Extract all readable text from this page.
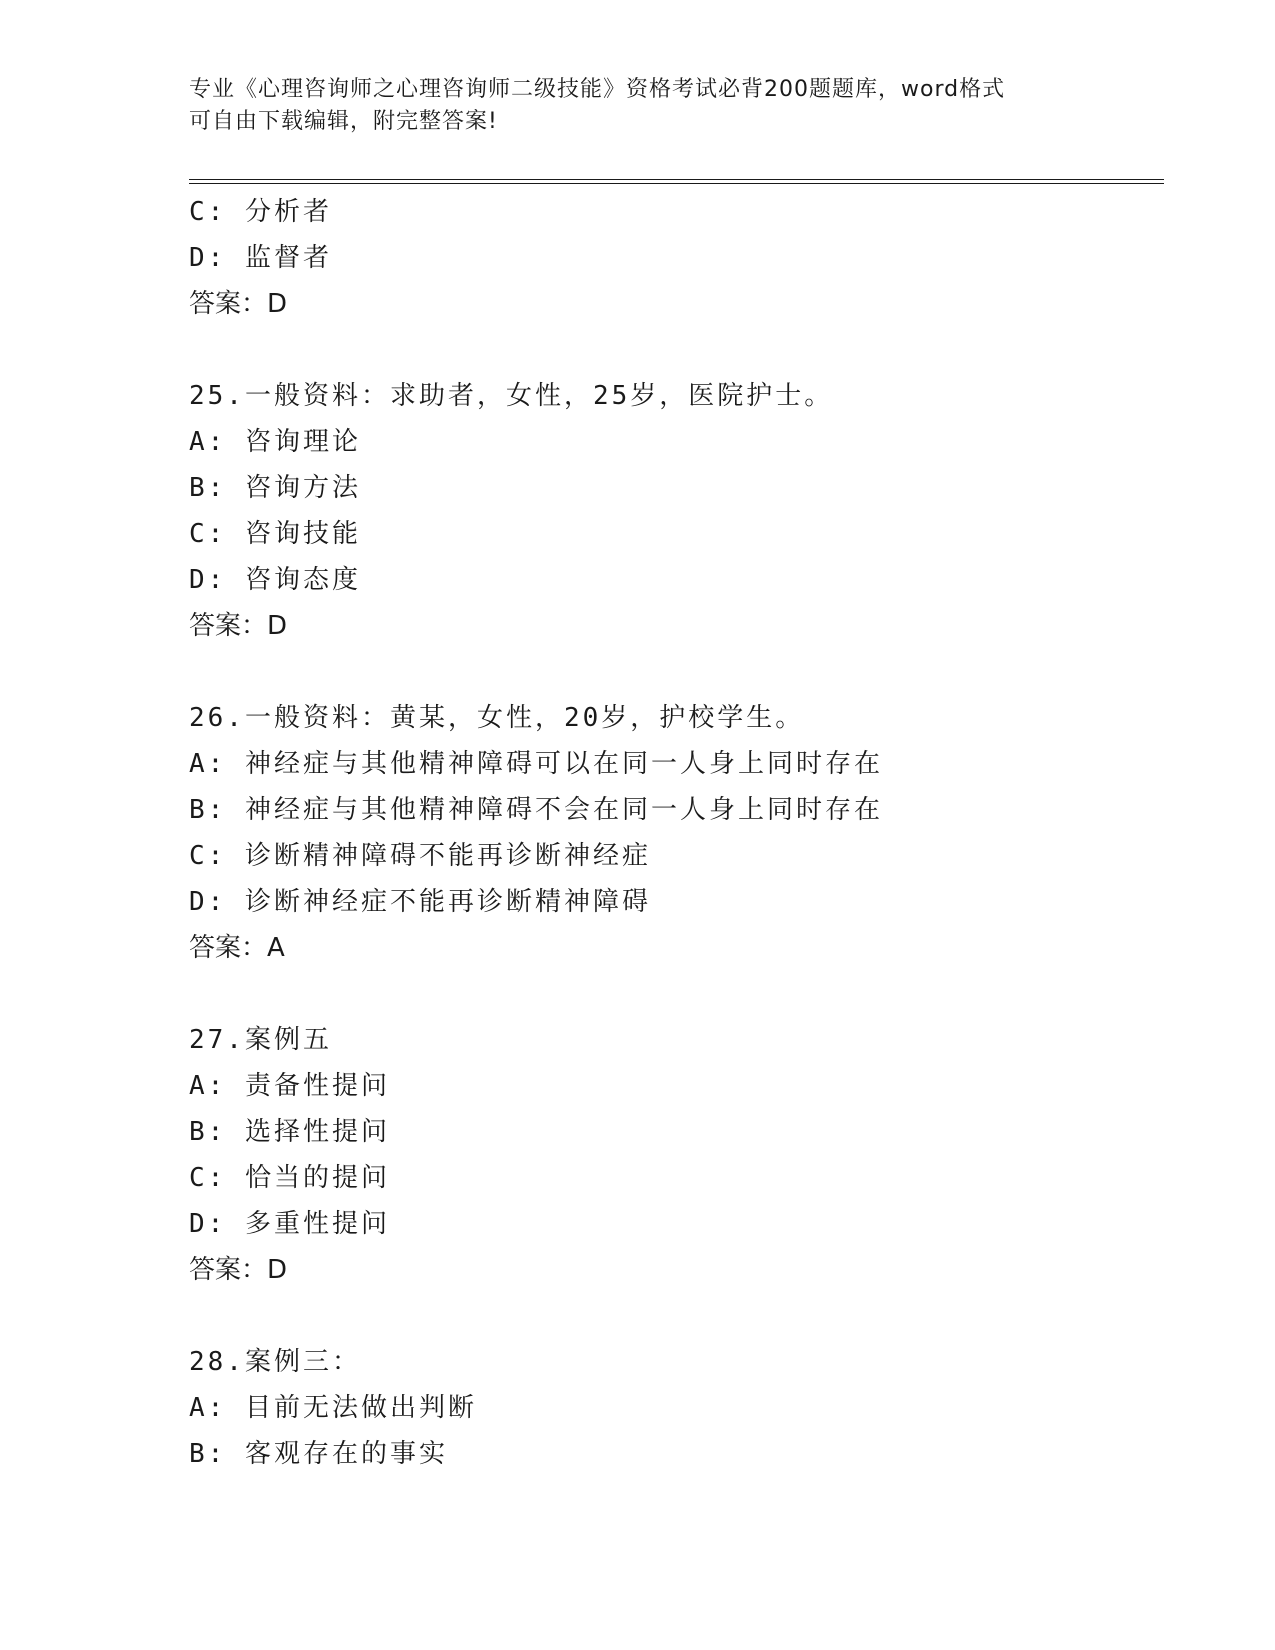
专业《心理咨询师之心理咨询师二级技能》资格考试必背200题题库，word格式
可自由下载编辑，附完整答案!
C: 分析者
D: 监督者
答案：D
25.一般资料：求助者，女性，25岁，医院护士。
A: 咨询理论
B: 咨询方法
C: 咨询技能
D: 咨询态度
答案：D
26.一般资料：黄某，女性，20岁，护校学生。
A: 神经症与其他精神障碍可以在同一人身上同时存在
B: 神经症与其他精神障碍不会在同一人身上同时存在
C: 诊断精神障碍不能再诊断神经症
D: 诊断神经症不能再诊断精神障碍
答案：A
27.案例五
A: 责备性提问
B: 选择性提问
C: 恰当的提问
D: 多重性提问
答案：D
28.案例三：
A: 目前无法做出判断
B: 客观存在的事实
